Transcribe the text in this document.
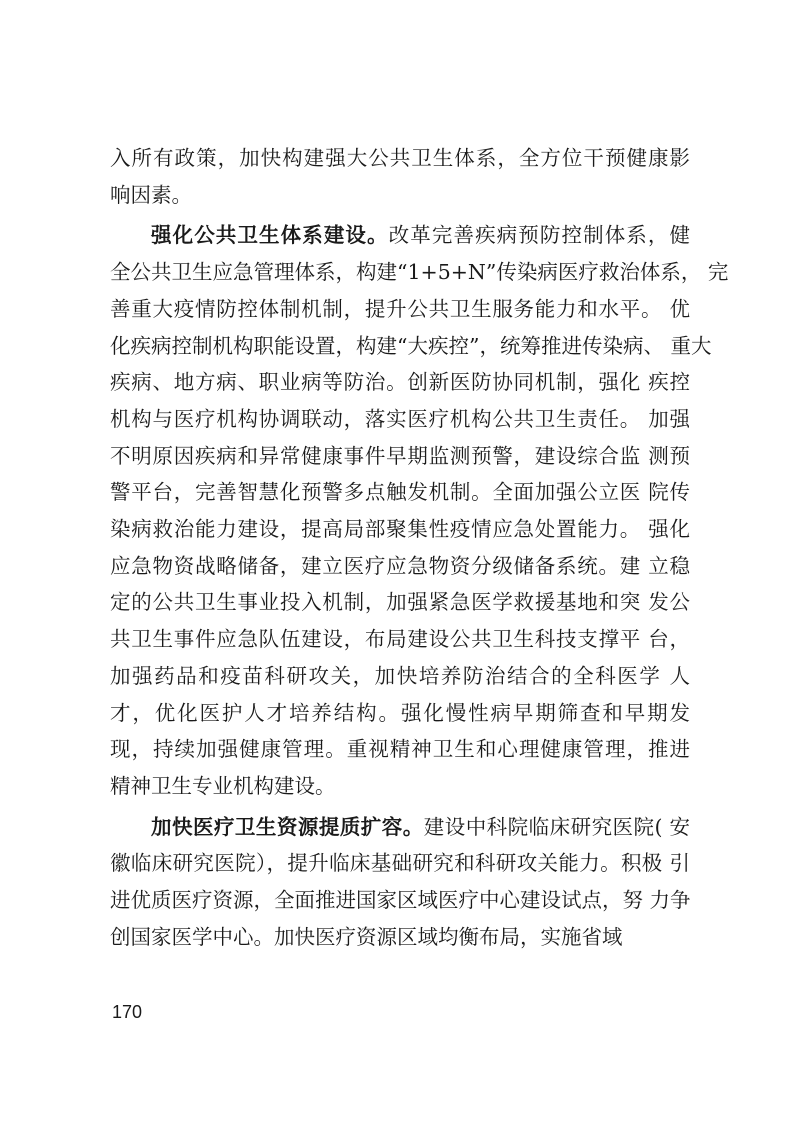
入所有政策，加快构建强大公共卫生体系，全方位干预健康影
响因素。

强化公共卫生体系建设。改革完善疾病预防控制体系，健
全公共卫生应急管理体系，构建“1+5+N”传染病医疗救治体系， 完
善重大疫情防控体制机制，提升公共卫生服务能力和水平。 优
化疾病控制机构职能设置，构建“大疾控”，统筹推进传染病、 重大
疾病、地方病、职业病等防治。创新医防协同机制，强化 疾控
机构与医疗机构协调联动，落实医疗机构公共卫生责任。 加强
不明原因疾病和异常健康事件早期监测预警，建设综合监 测预
警平台，完善智慧化预警多点触发机制。全面加强公立医 院传
染病救治能力建设，提高局部聚集性疫情应急处置能力。 强化
应急物资战略储备，建立医疗应急物资分级储备系统。建 立稳
定的公共卫生事业投入机制，加强紧急医学救援基地和突 发公
共卫生事件应急队伍建设，布局建设公共卫生科技支撑平 台，
加强药品和疫苗科研攻关，加快培养防治结合的全科医学 人
才，优化医护人才培养结构。强化慢性病早期筛查和早期发
现，持续加强健康管理。重视精神卫生和心理健康管理，推进
精神卫生专业机构建设。

加快医疗卫生资源提质扩容。建设中科院临床研究医院( 安
徽临床研究医院），提升临床基础研究和科研攻关能力。积极 引
进优质医疗资源，全面推进国家区域医疗中心建设试点，努 力争
创国家医学中心。加快医疗资源区域均衡布局，实施省域

170
